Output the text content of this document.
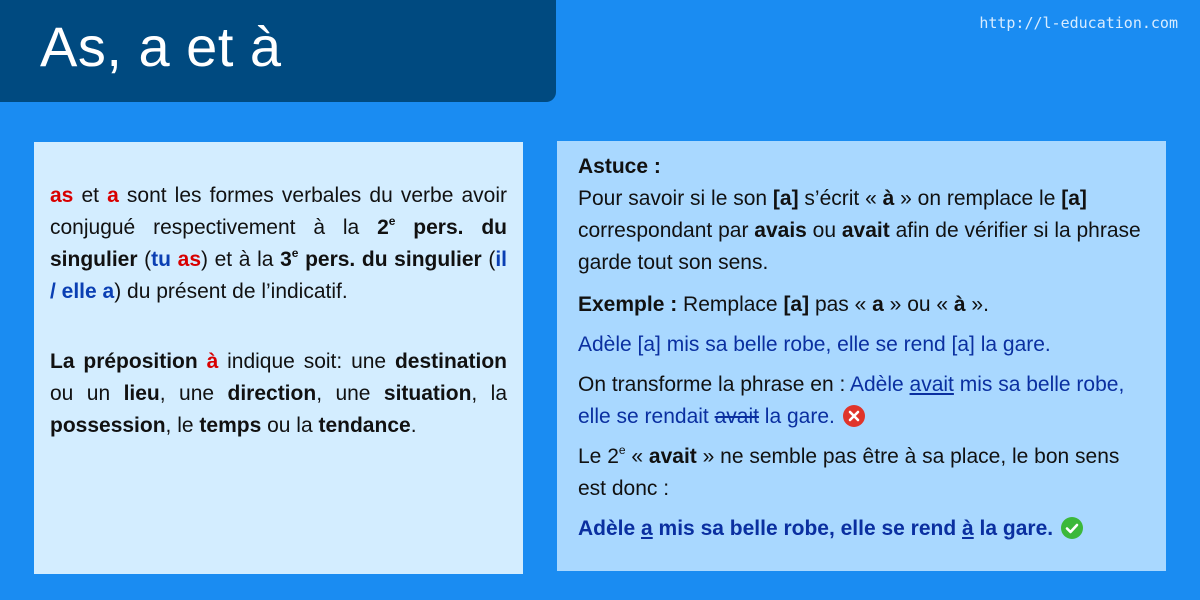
As, a et à	http://l-education.com

as et a sont les formes verbales du verbe avoir conjugué respectivement à la 2e pers. du singulier (tu as) et à la 3e pers. du singulier (il / elle a) du présent de l’indicatif.

La préposition à indique soit: une destination ou un lieu, une direction, une situation, la possession, le temps ou la tendance.

Astuce :

Pour savoir si le son [a] s’écrit « à » on remplace le [a] correspondant par avais ou avait afin de vérifier si la phrase garde tout son sens.

Exemple : Remplace [a] pas « a » ou « à ».

Adèle [a] mis sa belle robe, elle se rend [a] la gare.

On transforme la phrase en : Adèle avait mis sa belle robe, elle se rendait avait la gare.

Le 2e « avait » ne semble pas être à sa place, le bon sens est donc :

Adèle a mis sa belle robe, elle se rend à la gare.
